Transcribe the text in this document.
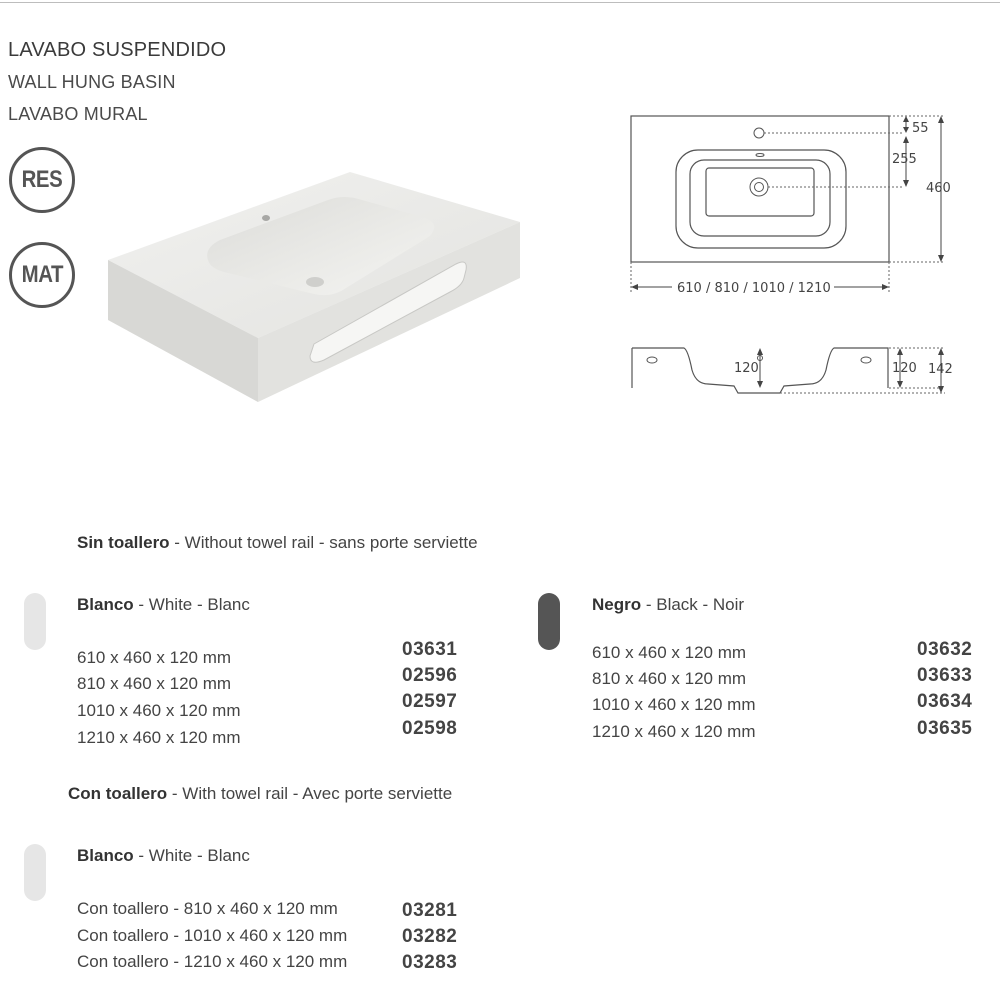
LAVABO SUSPENDIDO
WALL HUNG BASIN
LAVABO MURAL
RES
MAT
55
255
460
610 / 810 / 1010 / 1210
120	120 142
Sin toallero - Without towel rail - sans porte serviette
Blanco - White - Blanc
610 x 460 x 120 mm
810 x 460 x 120 mm
1010 x 460 x 120 mm
1210 x 460 x 120 mm
03631
02596
02597
02598
Negro - Black - Noir
610 x 460 x 120 mm
810 x 460 x 120 mm
1010 x 460 x 120 mm
1210 x 460 x 120 mm
03632
03633
03634
03635
Con toallero - With towel rail - Avec porte serviette
Blanco - White - Blanc
Con toallero - 810 x 460 x 120 mm
Con toallero - 1010 x 460 x 120 mm
Con toallero - 1210 x 460 x 120 mm
03281
03282
03283
